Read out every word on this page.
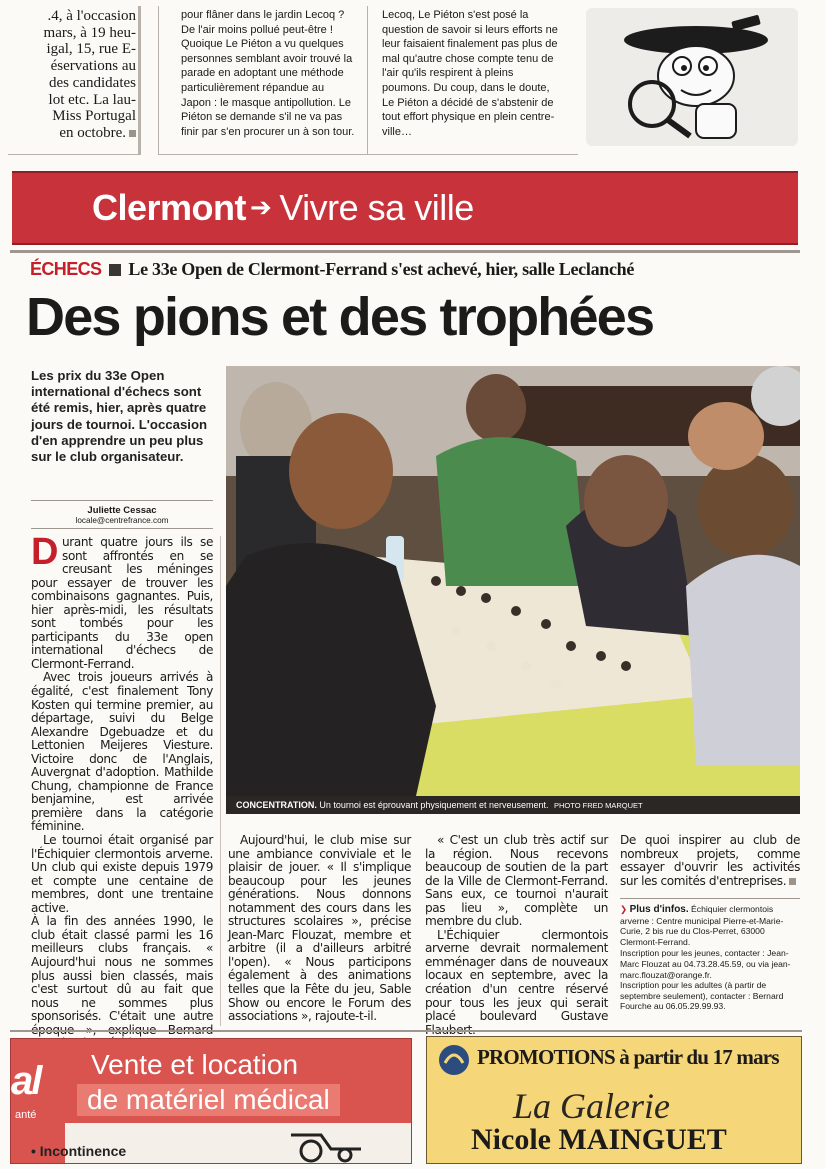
.4, à l'occasion
mars, à 19 heu-
igal, 15, rue E-
éservations au
des candidates
lot etc. La lau-
Miss Portugal
en octobre.
pour flâner dans le jardin Lecoq ?
De l'air moins pollué peut-être !
Quoique Le Piéton a vu quelques
personnes semblant avoir trouvé la
parade en adoptant une méthode
particulièrement répandue au
Japon : le masque antipollution. Le
Piéton se demande s'il ne va pas
finir par s'en procurer un à son tour.
Lecoq, Le Piéton s'est posé la
question de savoir si leurs efforts ne
leur faisaient finalement pas plus de
mal qu'autre chose compte tenu de
l'air qu'ils respirent à pleins
poumons. Du coup, dans le doute,
Le Piéton a décidé de s'abstenir de
tout effort physique en plein centre-
ville…
Clermont ➔ Vivre sa ville
ÉCHECS Le 33e Open de Clermont-Ferrand s'est achevé, hier, salle Leclanché
Des pions et des trophées
Les prix du 33e Open international d'échecs sont été remis, hier, après quatre jours de tournoi. L'occasion d'en apprendre un peu plus sur le club organisateur.
Juliette Cessac
locale@centrefrance.com
CONCENTRATION. Un tournoi est éprouvant physiquement et nerveusement. PHOTO FRED MARQUET
D urant quatre jours ils se sont affrontés en se creusant les méninges pour essayer de trouver les combinaisons gagnantes. Puis, hier après-midi, les résultats sont tombés pour les participants du 33e open international d'échecs de Clermont-Ferrand.

Avec trois joueurs arrivés à égalité, c'est finalement Tony Kosten qui termine premier, au départage, suivi du Belge Alexandre Dgebuadze et du Lettonien Meijeres Viesture. Victoire donc de l'Anglais, Auvergnat d'adoption. Mathilde Chung, championne de France benjamine, est arrivée première dans la catégorie féminine.

Le tournoi était organisé par l'Échiquier clermontois arverne. Un club qui existe depuis 1979 et compte une centaine de membres, dont une trentaine active.

À la fin des années 1990, le club était classé parmi les 16 meilleurs clubs français. « Aujourd'hui nous ne sommes plus aussi bien classés, mais c'est surtout dû au fait que nous ne sommes plus sponsorisés. C'était une autre

Aujourd'hui, le club mise sur une ambiance conviviale et le plaisir de jouer. « Il s'implique beaucoup pour les jeunes générations. Nous donnons notamment des cours dans les structures scolaires », précise Jean-Marc Flouzat, membre et arbitre (il a d'ailleurs arbitré l'open). « Nous participons également à des animations telles que la Fête du jeu, Sable Show ou encore le Forum des associations », rajoute-t-il.

« C'est un club très actif sur la région. Nous recevons beaucoup de soutien de la part de la Ville de Clermont-Ferrand. Sans eux, ce tournoi n'aurait pas lieu », complète un membre du club.

L'Échiquier clermontois arverne devrait normalement emménager dans de nouveaux locaux en septembre, avec la création d'un centre réservé pour tous les jeux qui serait placé boulevard Gustave

De quoi inspirer au club de nombreux projets, comme essayer d'ouvrir les activités sur les comités d'entreprises.

❯ Plus d'infos. Échiquier clermontois arverne : Centre municipal Pierre-et-Marie-Curie, 2 bis rue du Clos-Perret, 63000 Clermont-Ferrand.
Inscription pour les jeunes, contacter : Jean-Marc Flouzat au 04.73.28.45.59, ou via jean-marc.flouzat@orange.fr.
Inscription pour les adultes (à partir de septembre seulement), contacter : Bernard Fourche au 06.05.29.99.93.
al
anté
Vente et location
de matériel médical
• Incontinence
PROMOTIONS à partir du 17 mars
La Galerie
Nicole MAINGUET
